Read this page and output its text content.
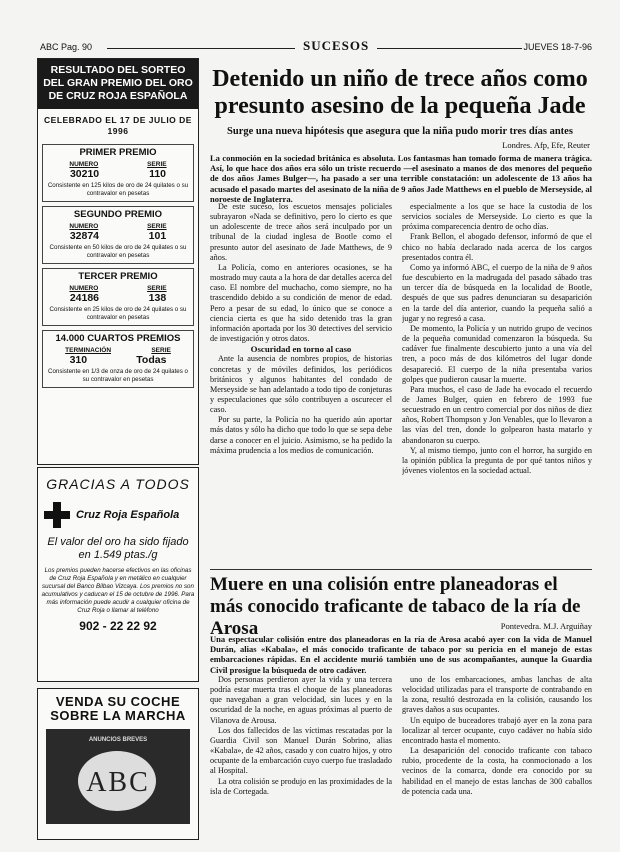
ABC Pag. 90	SUCESOS	JUEVES 18-7-96
RESULTADO DEL SORTEO DEL GRAN PREMIO DEL ORO DE CRUZ ROJA ESPAÑOLA
CELEBRADO EL 17 DE JULIO DE 1996
PRIMER PREMIO
NUMERO	SERIE
30210	110
Consistente en 125 kilos de oro de 24 quilates o su contravalor en pesetas
SEGUNDO PREMIO
NUMERO	SERIE
32874	101
Consistente en 50 kilos de oro de 24 quilates o su contravalor en pesetas
TERCER PREMIO
NUMERO	SERIE
24186	138
Consistente en 25 kilos de oro de 24 quilates o su contravalor en pesetas
14.000 CUARTOS PREMIOS
TERMINACIÓN	SERIE
310	Todas
Consistente en 1/3 de onza de oro de 24 quilates o su contravalor en pesetas
GRACIAS A TODOS
Cruz Roja Española
El valor del oro ha sido fijado
en 1.549 ptas./g
Los premios pueden hacerse efectivos en las oficinas de Cruz Roja Española y en metálico en cualquier sucursal del Banco Bilbao Vizcaya. Los premios no son acumulativos y caducan el 15 de octubre de 1996. Para más información puede acudir a cualquier oficina de Cruz Roja o llamar al teléfono
902 - 22 22 92
VENDA SU COCHE
SOBRE LA MARCHA
ANUNCIOS BREVES
ABC
Detenido un niño de trece años como presunto asesino de la pequeña Jade
Surge una nueva hipótesis que asegura que la niña pudo morir tres días antes
Londres. Afp, Efe, Reuter
La conmoción en la sociedad británica es absoluta. Los fantasmas han tomado forma de manera trágica. Así, lo que hace dos años era sólo un triste recuerdo —el asesinato a manos de dos menores del pequeño de dos años James Bulger—, ha pasado a ser una terrible constatación: un adolescente de 13 años ha acusado el pasado martes del asesinato de la niña de 9 años Jade Matthews en el pueblo de Merseyside, al noroeste de Inglaterra.

De este suceso, los escuetos mensajes policiales subrayaron «Nada se definitivo, pero lo cierto es que un adolescente de trece años será inculpado por un tribunal de la ciudad inglesa de Bootle como el presunto autor del asesinato de Jade Matthews, de 9 años.

La Policía, como en anteriores ocasiones, se ha mostrado muy cauta a la hora de dar detalles acerca del caso. El nombre del muchacho, como siempre, no ha trascendido debido a su condición de menor de edad. Pero a pesar de su edad, lo único que se conoce a ciencia cierta es que ha sido detenido tras la gran información aportada por los 30 detectives del servicio de investigación y otros datos.

Oscuridad en torno al caso

Ante la ausencia de nombres propios, de historias concretas y de móviles definidos, los periódicos británicos y algunos habitantes del condado de Merseyside se han adelantado a todo tipo de conjeturas y especulaciones que sólo contribuyen a oscurecer el caso.

Por su parte, la Policía no ha querido aún aportar más datos y sólo ha dicho que todo lo que se sepa debe darse a conocer en el juicio. Asimismo, se ha pedido la máxima prudencia a los medios de comunicación.

especialmente a los que se hace la custodia de los servicios sociales de Merseyside. Lo cierto es que la próxima comparecencia dentro de ocho días.

Frank Bellon, el abogado defensor, informó de que el chico no había declarado nada acerca de los cargos presentados contra él.

Como ya informó ABC, el cuerpo de la niña de 9 años fue descubierto en la madrugada del pasado sábado tras un tercer día de búsqueda en la localidad de Bootle, después de que sus padres denunciaran su desaparición en la tarde del día anterior, cuando la pequeña salió a jugar y no regresó a casa.

De momento, la Policía y un nutrido grupo de vecinos de la pequeña comunidad comenzaron la búsqueda. Su cadáver fue finalmente descubierto junto a una vía del tren, a poco más de dos kilómetros del lugar donde desapareció. El cuerpo de la niña presentaba varios golpes que pudieron causar la muerte.

Para muchos, el caso de Jade ha evocado el recuerdo de James Bulger, quien en febrero de 1993 fue secuestrado en un centro comercial por dos niños de diez años, Robert Thompson y Jon Venables, que lo llevaron a las vías del tren, donde lo golpearon hasta matarlo y abandonaron su cuerpo.

Y, al mismo tiempo, junto con el horror, ha surgido en la opinión pública la pregunta de por qué tantos niños y jóvenes violentos en la sociedad actual.

Muere en una colisión entre planeadoras el más conocido traficante de tabaco de la ría de Arosa	Pontevedra. M.J. Arguiñay
Una espectacular colisión entre dos planeadoras en la ría de Arosa acabó ayer con la vida de Manuel Durán, alias «Kabala», el más conocido traficante de tabaco por su pericia en el manejo de estas embarcaciones rápidas. En el accidente murió también uno de sus acompañantes, aunque la Guardia Civil prosigue la búsqueda de otro cadáver.

Dos personas perdieron ayer la vida y una tercera podría estar muerta tras el choque de las planeadoras que navegaban a gran velocidad, sin luces y en la oscuridad de la noche, en aguas próximas al puerto de Vilanova de Arousa.

Los dos fallecidos de las víctimas rescatadas por la Guardia Civil son Manuel Durán Sobrino, alias «Kabala», de 42 años, casado y con cuatro hijos, y otro ocupante de la embarcación cuyo cuerpo fue trasladado al Hospital.

La otra colisión se produjo en las proximidades de la isla de Cortegada.

uno de los embarcaciones, ambas lanchas de alta velocidad utilizadas para el transporte de contrabando en la zona, resultó destrozada en la colisión, causando los graves daños a sus ocupantes.

Un equipo de buceadores trabajó ayer en la zona para localizar al tercer ocupante, cuyo cadáver no había sido encontrado hasta el momento.

La desaparición del conocido traficante con tabaco rubio, procedente de la costa, ha conmocionado a los vecinos de la comarca, donde era conocido por su habilidad en el manejo de estas lanchas de 300 caballos de potencia cada una.
